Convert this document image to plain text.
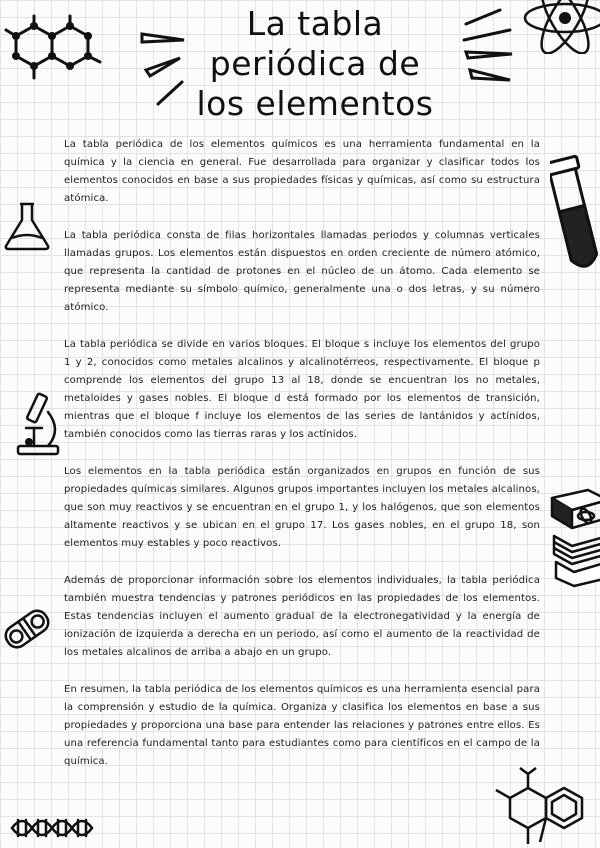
La tabla
periódica de
los elementos

La tabla periódica de los elementos químicos es una herramienta fundamental en la química y la ciencia en general. Fue desarrollada para organizar y clasificar todos los elementos conocidos en base a sus propiedades físicas y químicas, así como su estructura atómica.

La tabla periódica consta de filas horizontales llamadas periodos y columnas verticales llamadas grupos. Los elementos están dispuestos en orden creciente de número atómico, que representa la cantidad de protones en el núcleo de un átomo. Cada elemento se representa mediante su símbolo químico, generalmente una o dos letras, y su número atómico.

La tabla periódica se divide en varios bloques. El bloque s incluye los elementos del grupo 1 y 2, conocidos como metales alcalinos y alcalinotérreos, respectivamente. El bloque p comprende los elementos del grupo 13 al 18, donde se encuentran los no metales, metaloides y gases nobles. El bloque d está formado por los elementos de transición, mientras que el bloque f incluye los elementos de las series de lantánidos y actínidos, también conocidos como las tierras raras y los actínidos.

Los elementos en la tabla periódica están organizados en grupos en función de sus propiedades químicas similares. Algunos grupos importantes incluyen los metales alcalinos, que son muy reactivos y se encuentran en el grupo 1, y los halógenos, que son elementos altamente reactivos y se ubican en el grupo 17. Los gases nobles, en el grupo 18, son elementos muy estables y poco reactivos.

Además de proporcionar información sobre los elementos individuales, la tabla periódica también muestra tendencias y patrones periódicos en las propiedades de los elementos. Estas tendencias incluyen el aumento gradual de la electronegatividad y la energía de ionización de izquierda a derecha en un periodo, así como el aumento de la reactividad de los metales alcalinos de arriba a abajo en un grupo.

En resumen, la tabla periódica de los elementos químicos es una herramienta esencial para la comprensión y estudio de la química. Organiza y clasifica los elementos en base a sus propiedades y proporciona una base para entender las relaciones y patrones entre ellos. Es una referencia fundamental tanto para estudiantes como para científicos en el campo de la química.
